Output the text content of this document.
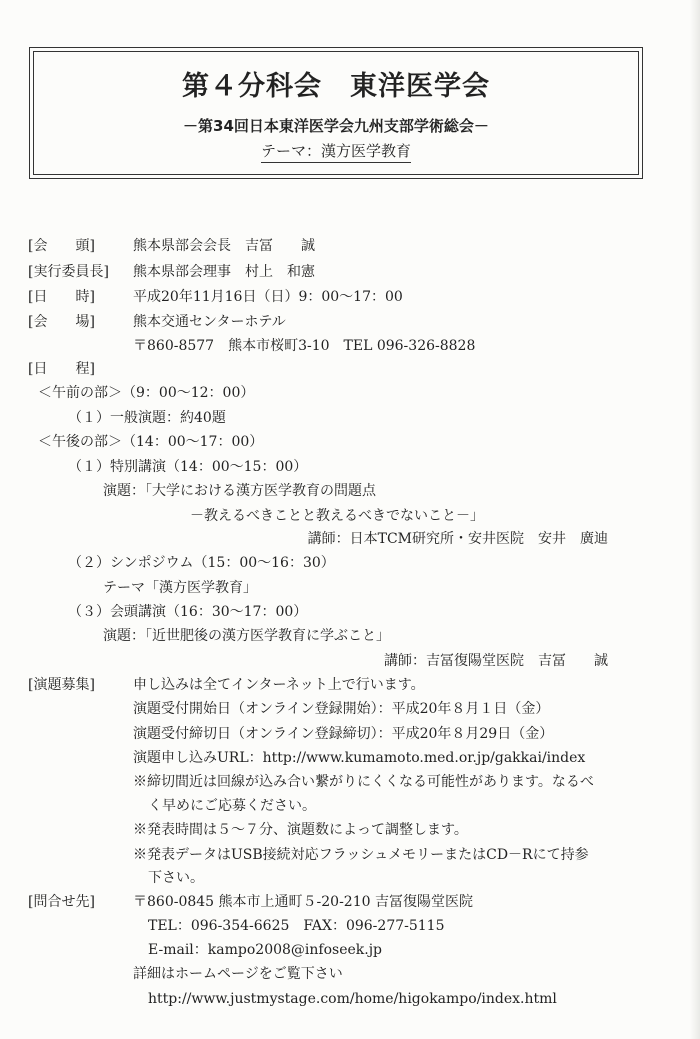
第４分科会　東洋医学会
－第34回日本東洋医学会九州支部学術総会－
テーマ：漢方医学教育
[会　　頭]	熊本県部会会長　吉冨　　誠
[実行委員長] 熊本県部会理事　村上　和憲
[日　　時]	平成20年11月16日（日）9：00～17：00
[会　　場]	熊本交通センターホテル
〒860-8577　熊本市桜町3-10　TEL 096-326-8828
[日　　程]
＜午前の部＞（9：00～12：00）
（１）一般演題：約40題
＜午後の部＞（14：00～17：00）
（１）特別講演（14：00～15：00）
演題：「大学における漢方医学教育の問題点
－教えるべきことと教えるべきでないこと－」
講師：日本TCM研究所・安井医院　安井　廣迪
（２）シンポジウム（15：00～16：30）
テーマ「漢方医学教育」
（３）会頭講演（16：30～17：00）
演題：「近世肥後の漢方医学教育に学ぶこと」
講師：吉冨復陽堂医院　吉冨　　誠
[演題募集]	申し込みは全てインターネット上で行います。
演題受付開始日（オンライン登録開始）：平成20年８月１日（金）
演題受付締切日（オンライン登録締切）：平成20年８月29日（金）
演題申し込みURL：http://www.kumamoto.med.or.jp/gakkai/index
※締切間近は回線が込み合い繋がりにくくなる可能性があります。なるべ
く早めにご応募ください。
※発表時間は５～７分、演題数によって調整します。
※発表データはUSB接続対応フラッシュメモリーまたはCD－Rにて持参
下さい。
[問合せ先]	〒860-0845 熊本市上通町５-20-210 吉冨復陽堂医院
TEL：096-354-6625　FAX：096-277-5115
E-mail：kampo2008@infoseek.jp
詳細はホームページをご覧下さい
http://www.justmystage.com/home/higokampo/index.html
